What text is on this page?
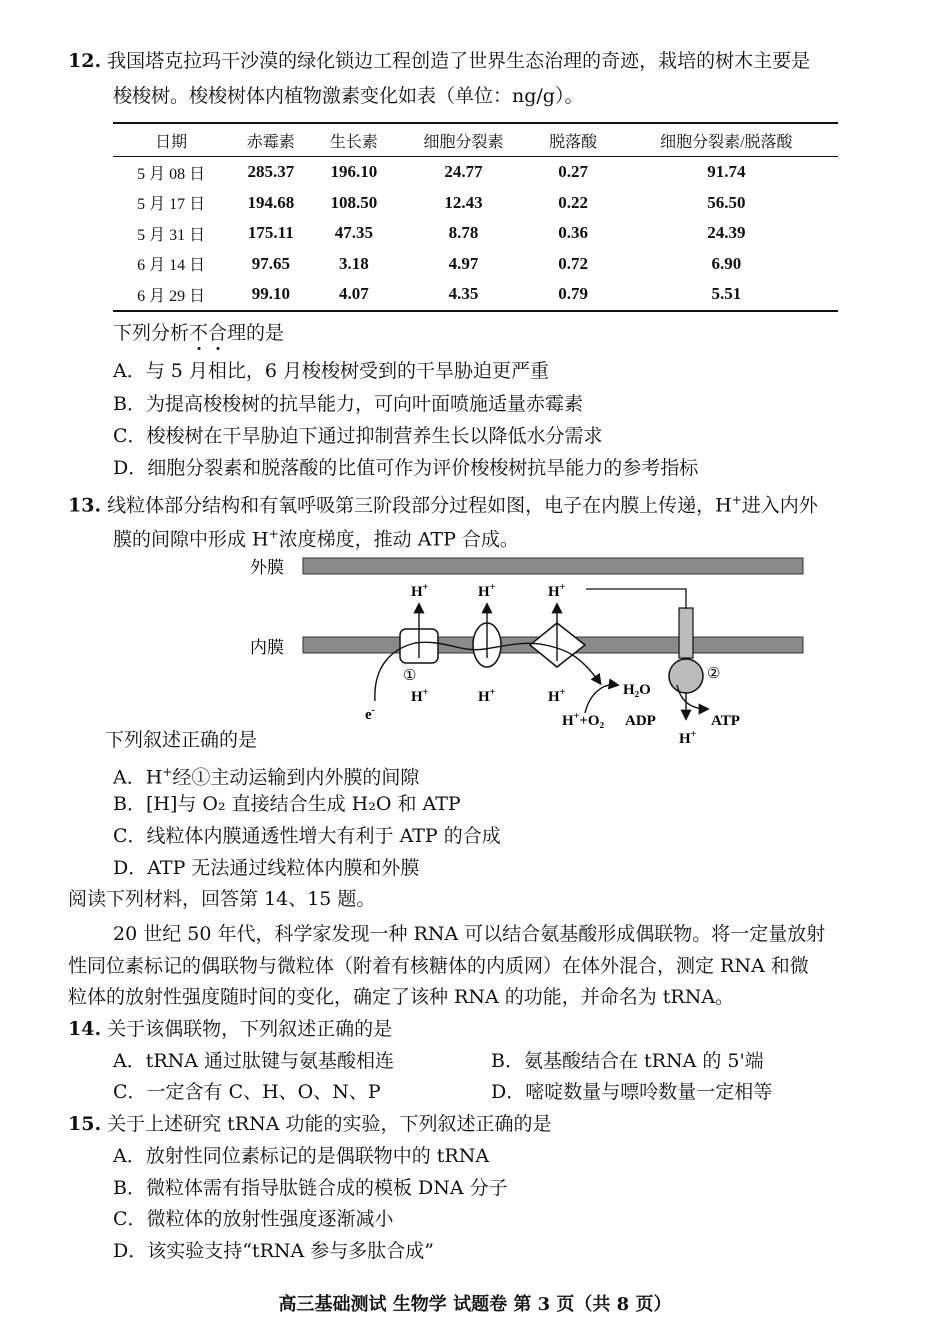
12. 我国塔克拉玛干沙漠的绿化锁边工程创造了世界生态治理的奇迹，栽培的树木主要是
梭梭树。梭梭树体内植物激素变化如表（单位：ng/g）。
日期	赤霉素	生长素	细胞分裂素	脱落酸	细胞分裂素/脱落酸
5 月 08 日	285.37	196.10	24.77	0.27	91.74
5 月 17 日	194.68	108.50	12.43	0.22	56.50
5 月 31 日	175.11	47.35	8.78	0.36	24.39
6 月 14 日	97.65	3.18	4.97	0.72	6.90
6 月 29 日	99.10	4.07	4.35	0.79	5.51
下列分析不合理的是
A．与 5 月相比，6 月梭梭树受到的干旱胁迫更严重
B．为提高梭梭树的抗旱能力，可向叶面喷施适量赤霉素
C．梭梭树在干旱胁迫下通过抑制营养生长以降低水分需求
D．细胞分裂素和脱落酸的比值可作为评价梭梭树抗旱能力的参考指标
13. 线粒体部分结构和有氧呼吸第三阶段部分过程如图，电子在内膜上传递，H+进入内外
膜的间隙中形成 H+浓度梯度，推动 ATP 合成。
外膜
内膜
①	②
e-
H+	H+	H+
H+	H+	H+	H₂O
H++O₂ ADP	ATP
H+
下列叙述正确的是
A．H+经①主动运输到内外膜的间隙
B．[H]与 O₂ 直接结合生成 H₂O 和 ATP
C．线粒体内膜通透性增大有利于 ATP 的合成
D．ATP 无法通过线粒体内膜和外膜
阅读下列材料，回答第 14、15 题。
20 世纪 50 年代，科学家发现一种 RNA 可以结合氨基酸形成偶联物。将一定量放射
性同位素标记的偶联物与微粒体（附着有核糖体的内质网）在体外混合，测定 RNA 和微
粒体的放射性强度随时间的变化，确定了该种 RNA 的功能，并命名为 tRNA。
14. 关于该偶联物，下列叙述正确的是
A．tRNA 通过肽键与氨基酸相连	B．氨基酸结合在 tRNA 的 5'端
C．一定含有 C、H、O、N、P	D．嘧啶数量与嘌呤数量一定相等
15. 关于上述研究 tRNA 功能的实验，下列叙述正确的是
A．放射性同位素标记的是偶联物中的 tRNA
B．微粒体需有指导肽链合成的模板 DNA 分子
C．微粒体的放射性强度逐渐减小
D．该实验支持“tRNA 参与多肽合成”
高三基础测试 生物学 试题卷 第 3 页（共 8 页）
